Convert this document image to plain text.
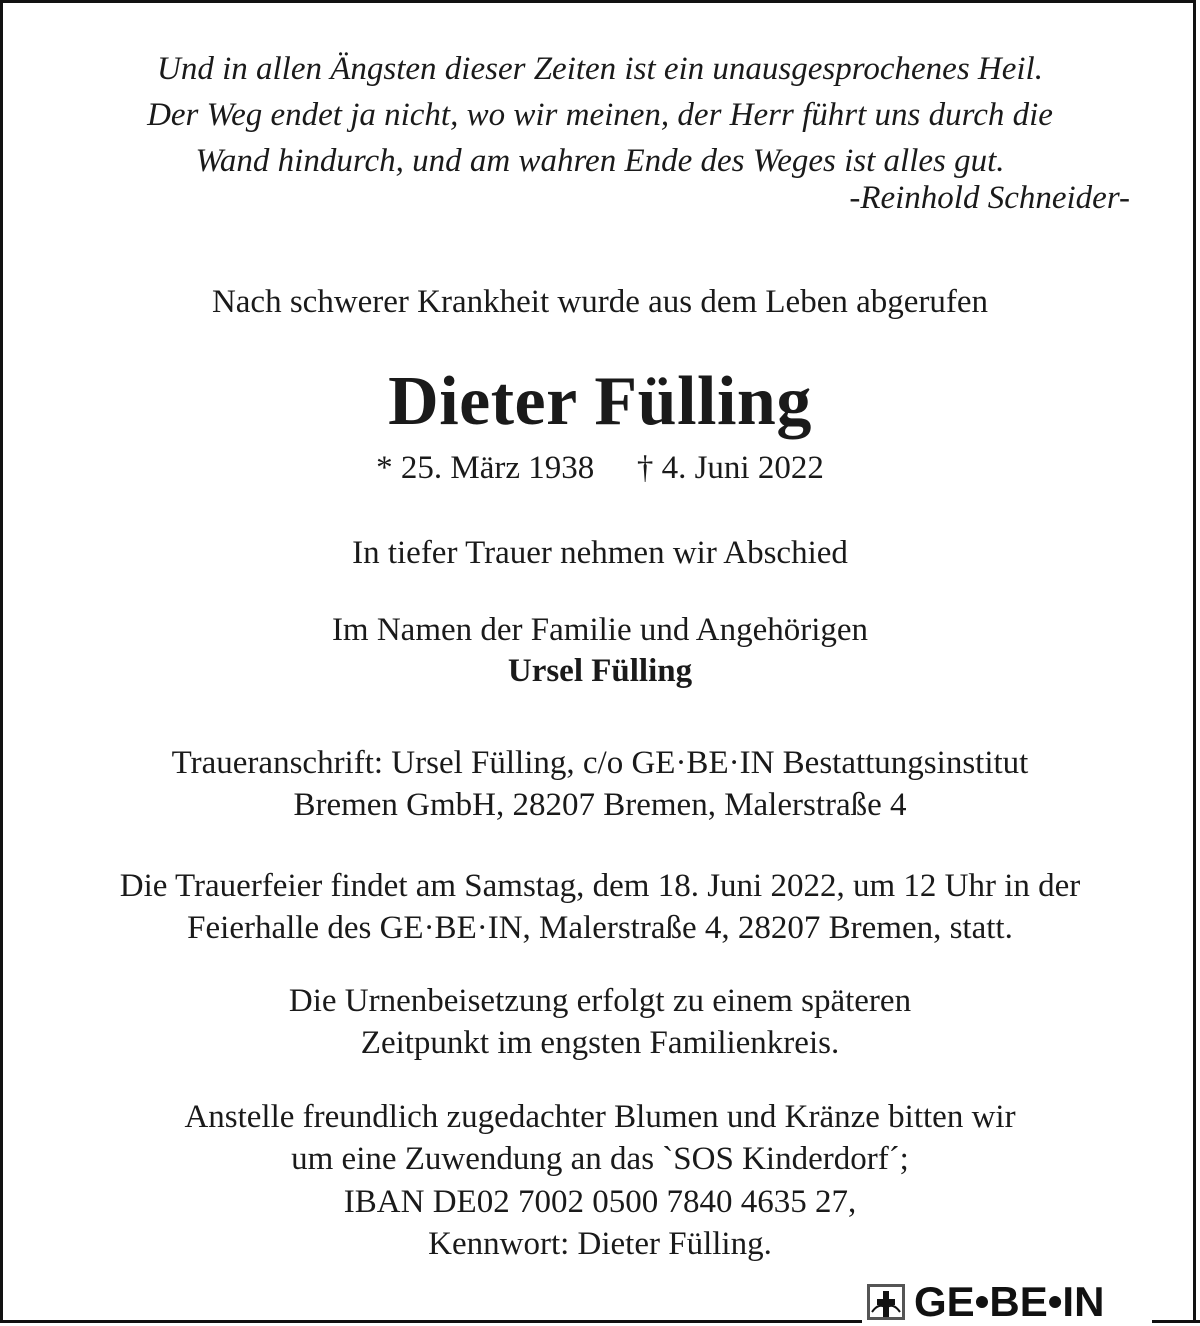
Und in allen Ängsten dieser Zeiten ist ein unausgesprochenes Heil.
Der Weg endet ja nicht, wo wir meinen, der Herr führt uns durch die
Wand hindurch, und am wahren Ende des Weges ist alles gut.
-Reinhold Schneider-
Nach schwerer Krankheit wurde aus dem Leben abgerufen
Dieter Fülling
* 25. März 1938 † 4. Juni 2022
In tiefer Trauer nehmen wir Abschied
Im Namen der Familie und Angehörigen
Ursel Fülling
Traueranschrift: Ursel Fülling, c/o GE·BE·IN Bestattungsinstitut
Bremen GmbH, 28207 Bremen, Malerstraße 4
Die Trauerfeier findet am Samstag, dem 18. Juni 2022, um 12 Uhr in der
Feierhalle des GE·BE·IN, Malerstraße 4, 28207 Bremen, statt.
Die Urnenbeisetzung erfolgt zu einem späteren
Zeitpunkt im engsten Familienkreis.
Anstelle freundlich zugedachter Blumen und Kränze bitten wir
um eine Zuwendung an das `SOS Kinderdorf´;
IBAN DE02 7002 0500 7840 4635 27,
Kennwort: Dieter Fülling.
GE•BE•IN
